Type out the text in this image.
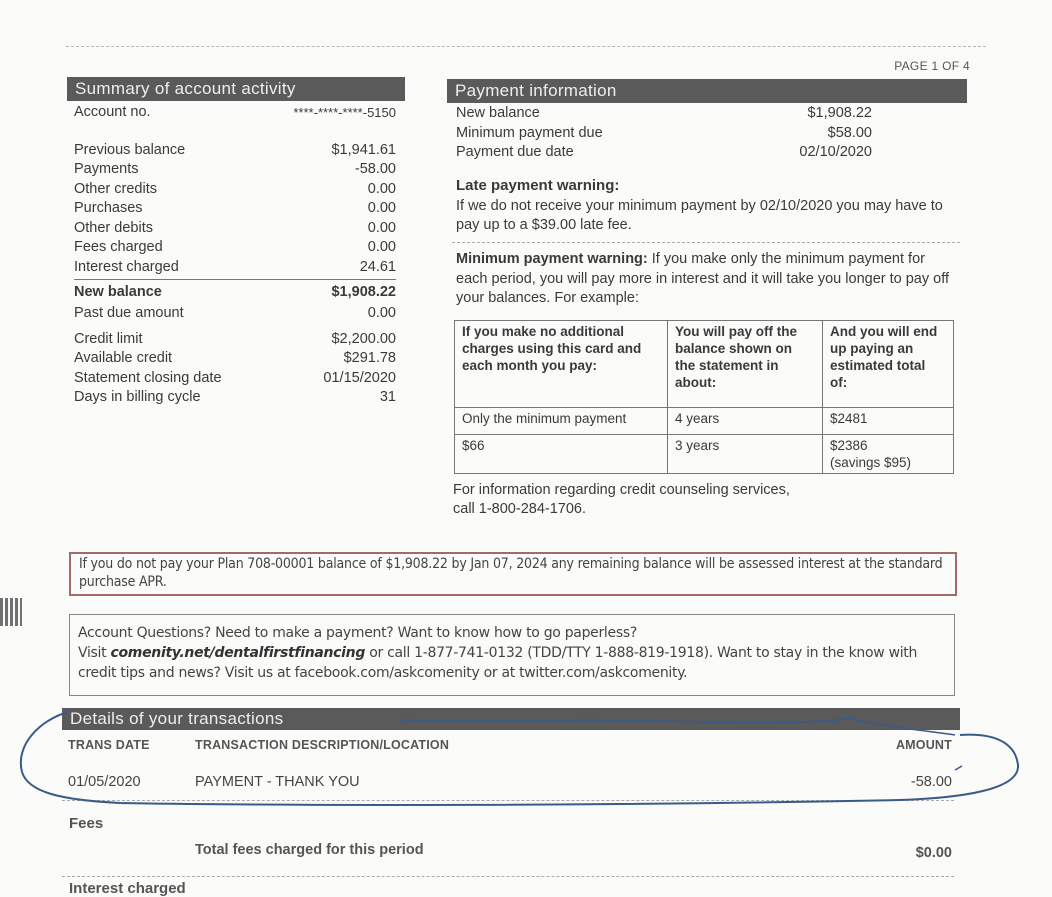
PAGE 1 OF 4
Summary of account activity
Account no.	****-****-****-5150
Previous balance	$1,941.61
Payments	-58.00
Other credits	0.00
Purchases	0.00
Other debits	0.00
Fees charged	0.00
Interest charged	24.61
New balance	$1,908.22
Past due amount	0.00
Credit limit	$2,200.00
Available credit	$291.78
Statement closing date	01/15/2020
Days in billing cycle	31
Payment information
New balance	$1,908.22
Minimum payment due	$58.00
Payment due date	02/10/2020
Late payment warning:
If we do not receive your minimum payment by 02/10/2020 you may have to pay up to a $39.00 late fee.
Minimum payment warning: If you make only the minimum payment for each period, you will pay more in interest and it will take you longer to pay off your balances. For example:
If you make no additional charges using this card and each month you pay:	You will pay off the balance shown on the statement in about:	And you will end up paying an estimated total of:
Only the minimum payment	4 years	$2481
$66	3 years	$2386
(savings $95)
For information regarding credit counseling services,
call 1-800-284-1706.
If you do not pay your Plan 708-00001 balance of $1,908.22 by Jan 07, 2024 any remaining balance will be assessed interest at the standard purchase APR.
Account Questions? Need to make a payment? Want to know how to go paperless?
Visit comenity.net/dentalfirstfinancing or call 1-877-741-0132 (TDD/TTY 1-888-819-1918). Want to stay in the know with credit tips and news? Visit us at facebook.com/askcomenity or at twitter.com/askcomenity.
Details of your transactions
TRANS DATE	TRANSACTION DESCRIPTION/LOCATION	AMOUNT
01/05/2020	PAYMENT - THANK YOU	-58.00
Fees
Total fees charged for this period	$0.00
Interest charged
